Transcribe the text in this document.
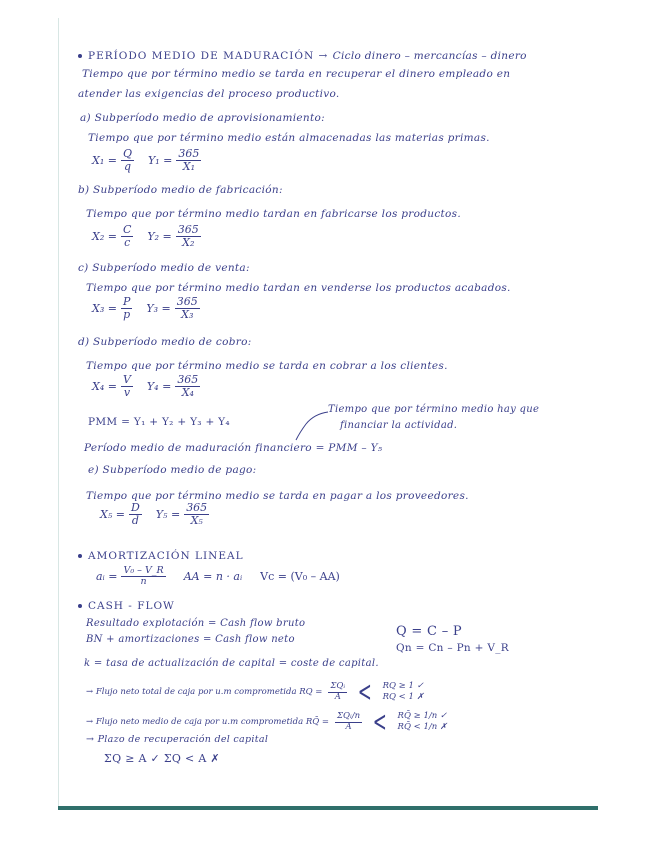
PERÍODO MEDIO DE MADURACIÓN → Ciclo dinero – mercancías – dinero
Tiempo que por término medio se tarda en recuperar el dinero empleado en
atender las exigencias del proceso productivo.
a) Subperíodo medio de aprovisionamiento:
Tiempo que por término medio están almacenadas las materias primas.
$X_1 = \frac{Q}{q} Y_1 = \frac{365}{\text{X₁}}$
b) Subperíodo medio de fabricación:
Tiempo que por término medio tardan en fabricarse los productos.
$X_2 = \frac{C}{c} Y_2 = \frac{365}{\text{X₂}}$
c) Subperíodo medio de venta:
Tiempo que por término medio tardan en venderse los productos acabados.
$X_3 = \frac{P}{p} Y_3 = \frac{365}{\text{X₃}}$
d) Subperíodo medio de cobro:
Tiempo que por término medio se tarda en cobrar a los clientes.
$X_4 = \frac{V}{v} Y_4 = \frac{365}{\text{X₄}}$
PMM = Y₁ + Y₂ + Y₃ + Y₄
Tiempo que por término medio hay que
financiar la actividad.
Período medio de maduración financiero = PMM – Y₅
e) Subperíodo medio de pago:
Tiempo que por término medio se tarda en pagar a los proveedores.
$X_5 = \frac{D}{d} Y_5 = \frac{365}{\text{X₅}}$
AMORTIZACIÓN LINEAL
aᵢ = $\frac{\text{V₀ – V\_R}}{n}$ AA = n · aᵢ Vc = (V₀ – AA)
CASH - FLOW
Resultado explotación = Cash flow bruto
BN + amortizaciones = Cash flow neto
Q = C – P
Qn = Cn – Pn + V_R
k = tasa de actualización de capital = coste de capital.
→ Flujo neto total de caja por u.m comprometida RQ = $\frac{\text{ΣQᵢ}}{A}$ < RQ ≥ 1 ✓
RQ < 1 ✗
→ Flujo neto medio de caja por u.m comprometida RQ̄ = $\frac{\text{ΣQᵢ/n}}{A}$ < RQ̄ ≥ 1/n ✓
RQ̄ < 1/n ✗
→ Plazo de recuperación del capital
ΣQ ≥ A ✓ ΣQ < A ✗
